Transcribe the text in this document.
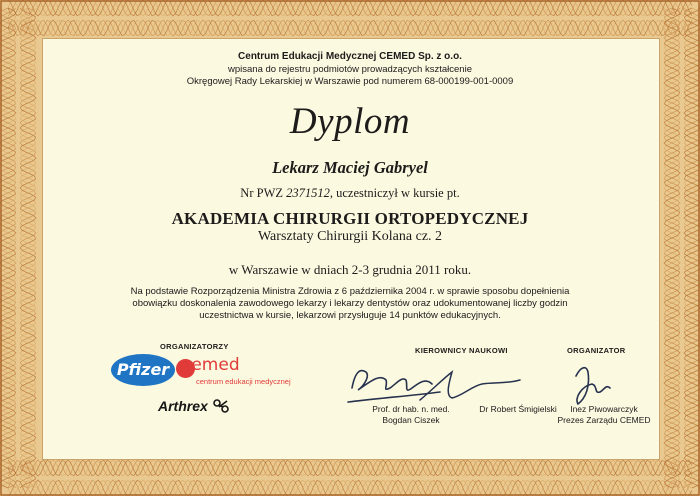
Centrum Edukacji Medycznej CEMED Sp. z o.o.
wpisana do rejestru podmiotów prowadzących kształcenie
Okręgowej Rady Lekarskiej w Warszawie pod numerem 68-000199-001-0009
Dyplom
Lekarz Maciej Gabryel
Nr PWZ 2371512, uczestniczył w kursie pt.
AKADEMIA CHIRURGII ORTOPEDYCZNEJ
Warsztaty Chirurgii Kolana cz. 2
w Warszawie w dniach 2-3 grudnia 2011 roku.
Na podstawie Rozporządzenia Ministra Zdrowia z 6 października 2004 r. w sprawie sposobu dopełnienia obowiązku doskonalenia zawodowego lekarzy i lekarzy dentystów oraz udokumentowanej liczby godzin uczestnictwa w kursie, lekarzowi przysługuje 14 punktów edukacyjnych.
ORGANIZATORZY
Pfizer cemed
centrum edukacji medycznej
Arthrex
KIEROWNICY NAUKOWI
Prof. dr hab. n. med.
Bogdan Ciszek
Dr Robert Śmigielski
ORGANIZATOR
Inez Piwowarczyk
Prezes Zarządu CEMED
